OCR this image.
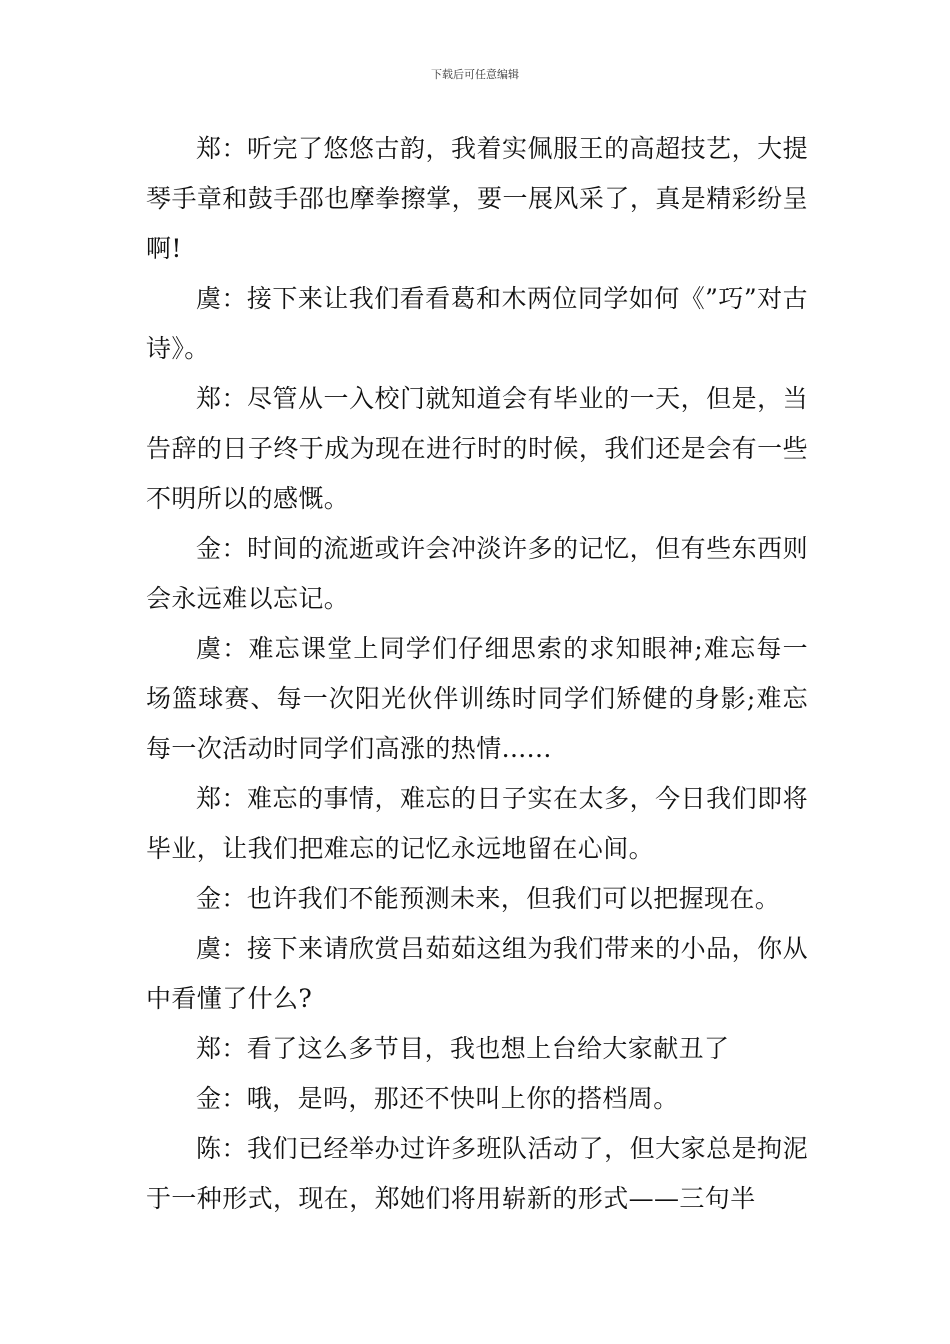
下载后可任意编辑

郑：听完了悠悠古韵，我着实佩服王的高超技艺，大提琴手章和鼓手邵也摩拳擦掌，要一展风采了，真是精彩纷呈啊!

虞：接下来让我们看看葛和木两位同学如何《”巧”对古诗》。

郑：尽管从一入校门就知道会有毕业的一天，但是，当告辞的日子终于成为现在进行时的时候，我们还是会有一些不明所以的感慨。

金：时间的流逝或许会冲淡许多的记忆，但有些东西则会永远难以忘记。

虞：难忘课堂上同学们仔细思索的求知眼神;难忘每一场篮球赛、每一次阳光伙伴训练时同学们矫健的身影;难忘每一次活动时同学们高涨的热情......

郑：难忘的事情，难忘的日子实在太多，今日我们即将毕业，让我们把难忘的记忆永远地留在心间。

金：也许我们不能预测未来，但我们可以把握现在。

虞：接下来请欣赏吕茹茹这组为我们带来的小品，你从中看懂了什么?

郑：看了这么多节目，我也想上台给大家献丑了

金：哦，是吗，那还不快叫上你的搭档周。

陈：我们已经举办过许多班队活动了，但大家总是拘泥于一种形式，现在，郑她们将用崭新的形式——三句半
